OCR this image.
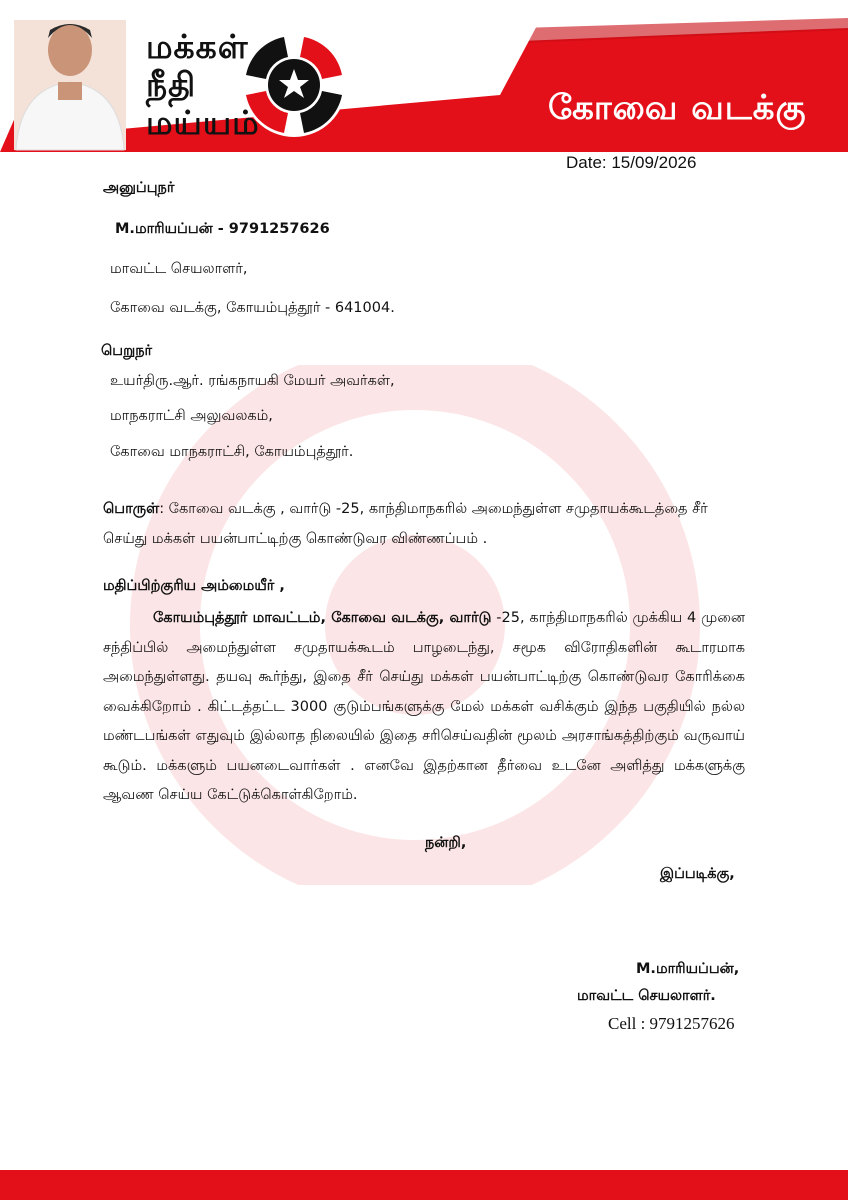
மக்கள்
நீதி
மய்யம்	கோவை வடக்கு
Date: 15/09/2026
அனுப்புநர்
M.மாரியப்பன் - 9791257626
மாவட்ட செயலாளர்,
கோவை வடக்கு, கோயம்புத்தூர் - 641004.
பெறுநர்
உயர்திரு.ஆர். ரங்கநாயகி மேயர் அவர்கள்,
மாநகராட்சி அலுவலகம்,
கோவை மாநகராட்சி, கோயம்புத்தூர்.
பொருள்: கோவை வடக்கு , வார்டு -25, காந்திமாநகரில் அமைந்துள்ள சமுதாயக்கூடத்தை சீர் செய்து மக்கள் பயன்பாட்டிற்கு கொண்டுவர விண்ணப்பம் .
மதிப்பிற்குரிய அம்மையீர் ,
கோயம்புத்தூர் மாவட்டம், கோவை வடக்கு, வார்டு -25, காந்திமாநகரில் முக்கிய 4 முனை சந்திப்பில் அமைந்துள்ள சமுதாயக்கூடம் பாழடைந்து, சமூக விரோதிகளின் கூடாரமாக அமைந்துள்ளது. தயவு கூர்ந்து, இதை சீர் செய்து மக்கள் பயன்பாட்டிற்கு கொண்டுவர கோரிக்கை வைக்கிறோம் . கிட்டத்தட்ட 3000 குடும்பங்களுக்கு மேல் மக்கள் வசிக்கும் இந்த பகுதியில் நல்ல மண்டபங்கள் எதுவும் இல்லாத நிலையில் இதை சரிசெய்வதின் மூலம் அரசாங்கத்திற்கும் வருவாய் கூடும். மக்களும் பயனடைவார்கள் . எனவே இதற்கான தீர்வை உடனே அளித்து மக்களுக்கு ஆவண செய்ய கேட்டுக்கொள்கிறோம்.
நன்றி,
இப்படிக்கு,
M.மாரியப்பன்,
மாவட்ட செயலாளர்.
Cell : 9791257626
